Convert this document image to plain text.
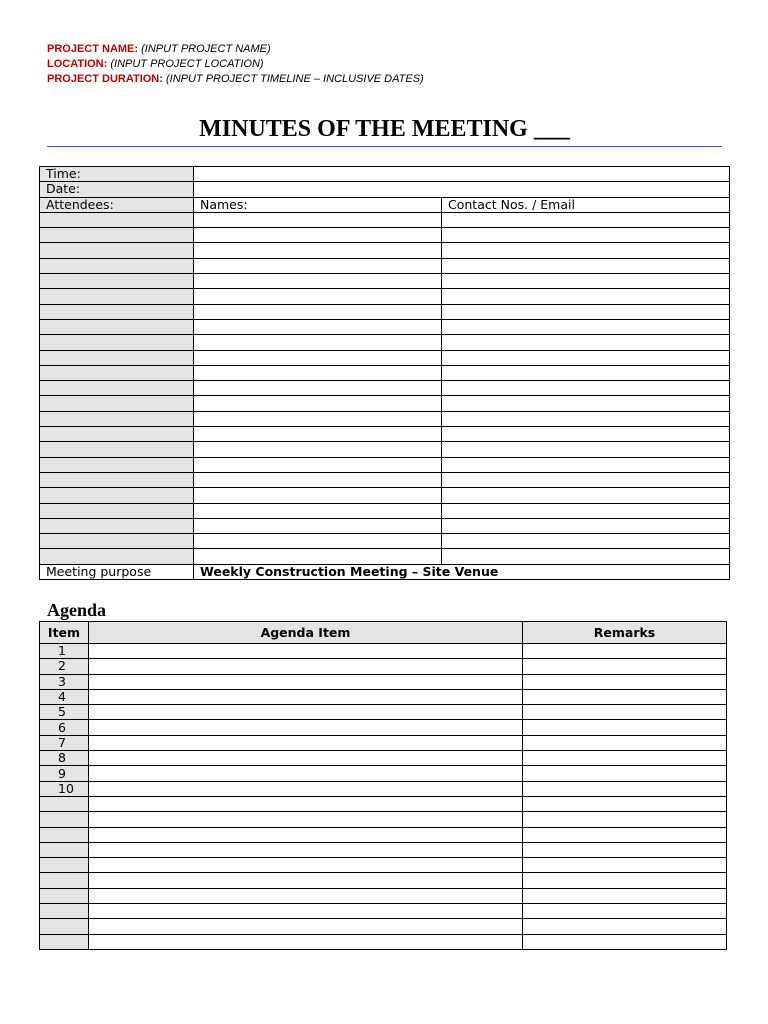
PROJECT NAME: (INPUT PROJECT NAME)
LOCATION: (INPUT PROJECT LOCATION)
PROJECT DURATION: (INPUT PROJECT TIMELINE – INCLUSIVE DATES)
MINUTES OF THE MEETING ___
Time:		
Date:		
Attendees:	Names:	Contact Nos. / Email

Meeting purpose	Weekly Construction Meeting – Site Venue	
Agenda
Item	Agenda Item	Remarks
1		
2		
3		
4		
5		
6		
7		
8		
9		
10		
